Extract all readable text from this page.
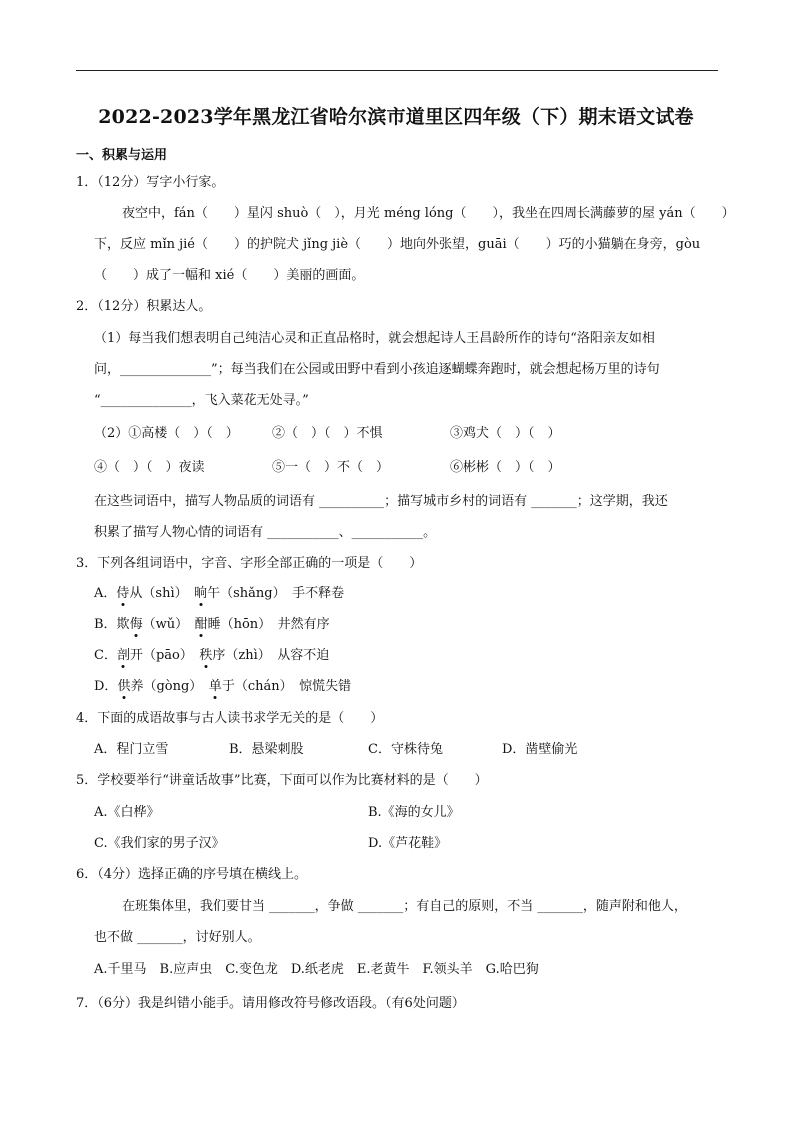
2022-2023学年黑龙江省哈尔滨市道里区四年级（下）期末语文试卷
一、积累与运用
1．（12分）写字小行家。
夜空中，fán（　　）星闪 shuò（　），月光 méng lóng（　　），我坐在四周长满藤萝的屋 yán（　　）
下，反应 mǐn jié（　　）的护院犬 jǐng jiè（　　）地向外张望，guāi（　　）巧的小猫躺在身旁，gòu
（　　）成了一幅和 xié（　　）美丽的画面。
2．（12分）积累达人。
（1）每当我们想表明自己纯洁心灵和正直品格时，就会想起诗人王昌龄所作的诗句“洛阳亲友如相
问，______________”；每当我们在公园或田野中看到小孩追逐蝴蝶奔跑时，就会想起杨万里的诗句
“______________，飞入菜花无处寻。”
（2）①高楼（　）（　）	②（　）（　）不惧	③鸡犬（　）（　）
④（　）（　）夜读	⑤一（　）不（　）	⑥彬彬（　）（　）
在这些词语中，描写人物品质的词语有 __________；描写城市乡村的词语有 _______；这学期，我还
积累了描写人物心情的词语有 ___________、___________。
3．下列各组词语中，字音、字形全部正确的一项是（　　）
A．侍从（shì）　晌午（shǎng）　手不释卷
B．欺侮（wǔ）　酣睡（hōn）　井然有序
C．剖开（pāo）　秩序（zhì）　从容不迫
D．供养（gòng）　单于（chán）　惊慌失错
4．下面的成语故事与古人读书求学无关的是（　　）
A．程门立雪	B．悬梁刺股	C．守株待兔	D．凿壁偷光
5．学校要举行“讲童话故事”比赛，下面可以作为比赛材料的是（　　）
A.《白桦》	B.《海的女儿》
C.《我们家的男子汉》	D.《芦花鞋》
6．（4分）选择正确的序号填在横线上。
在班集体里，我们要甘当 _______，争做 _______；有自己的原则，不当 _______，随声附和他人，
也不做 _______，讨好别人。
A.千里马　B.应声虫　C.变色龙　D.纸老虎　E.老黄牛　F.领头羊　G.哈巴狗
7．（6分）我是纠错小能手。请用修改符号修改语段。（有6处问题）
